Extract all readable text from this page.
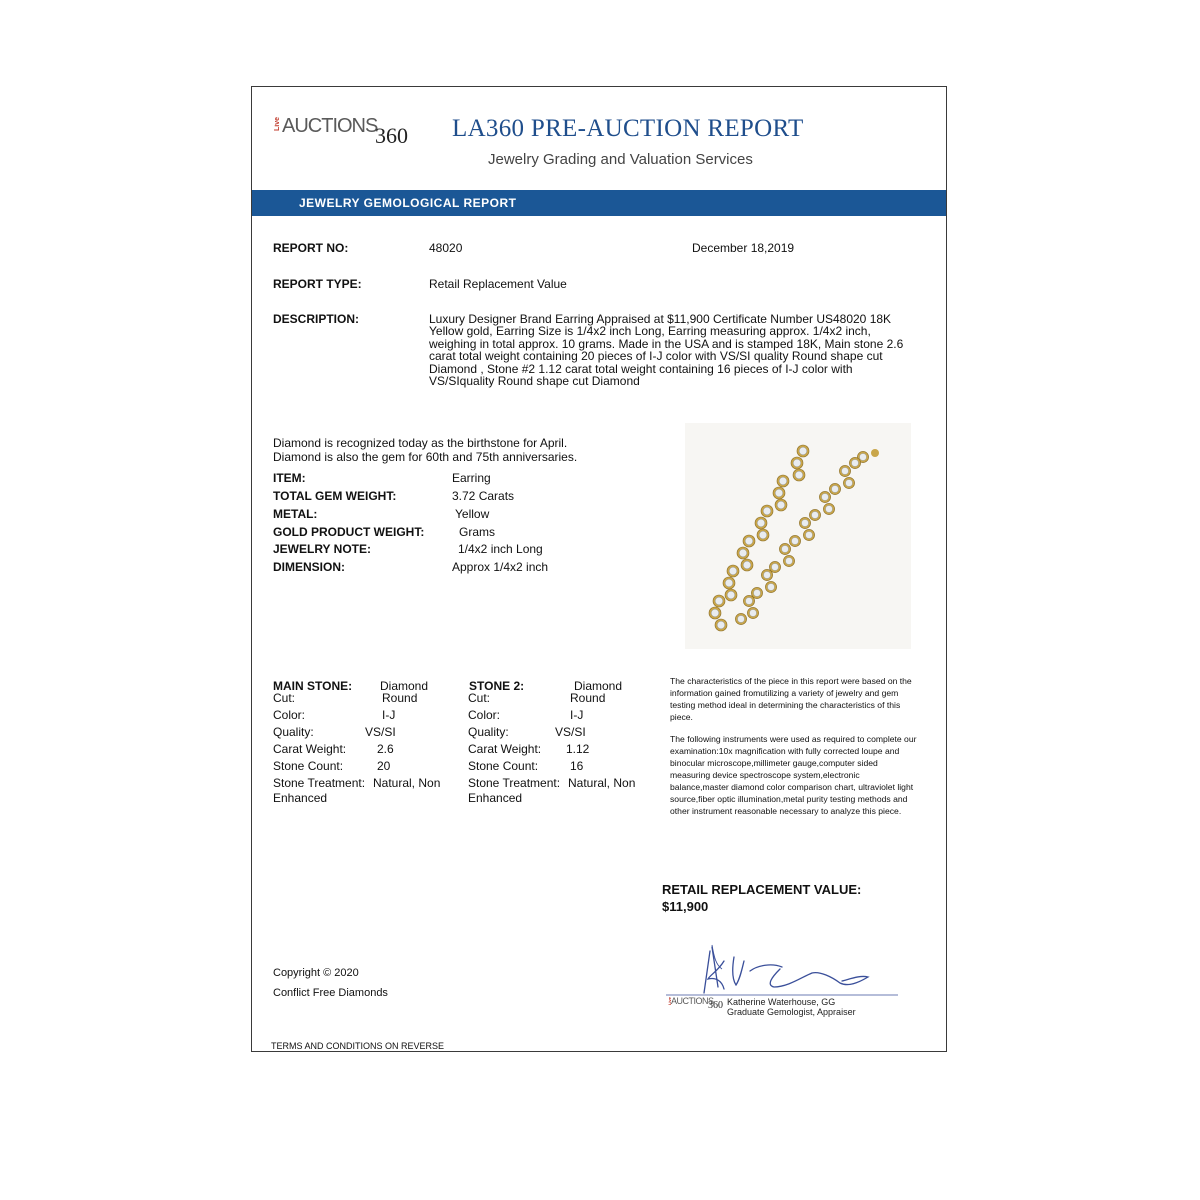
Live AUCTIONS
360 LA360 PRE-AUCTION REPORT
Jewelry Grading and Valuation Services
JEWELRY GEMOLOGICAL REPORT
REPORT NO:	48020	December 18,2019
REPORT TYPE:	Retail Replacement Value
DESCRIPTION:	Luxury Designer Brand Earring Appraised at $11,900 Certificate Number US48020 18K Yellow gold, Earring Size is 1/4x2 inch Long, Earring measuring approx. 1/4x2 inch, weighing in total approx. 10 grams. Made in the USA and is stamped 18K, Main stone 2.6 carat total weight containing 20 pieces of I-J color with VS/SI quality Round shape cut Diamond , Stone #2 1.12 carat total weight containing 16 pieces of I-J color with VS/SIquality Round shape cut Diamond
Diamond is recognized today as the birthstone for April.
Diamond is also the gem for 60th and 75th anniversaries.
ITEM:	Earring
TOTAL GEM WEIGHT:	3.72 Carats
METAL:	Yellow
GOLD PRODUCT WEIGHT:	Grams
JEWELRY NOTE:	1/4x2 inch Long
DIMENSION:	Approx 1/4x2 inch
MAIN STONE: Diamond
Cut:	Round
Color:	I-J
Quality:	VS/SI
Carat Weight:	2.6
Stone Count:	20
Stone Treatment: Natural, Non
Enhanced
STONE 2:	Diamond
Cut:	Round
Color:	I-J
Quality:	VS/SI
Carat Weight: 1.12
Stone Count:	16
Stone Treatment: Natural, Non
Enhanced

The characteristics of the piece in this report were based on the information gained fromutilizing a variety of jewelry and gem testing method ideal in determining the characteristics of this piece.

The following instruments were used as required to complete our examination:10x magnification with fully corrected loupe and binocular microscope,millimeter gauge,computer sided measuring device spectroscope system,electronic balance,master diamond color comparison chart, ultraviolet light source,fiber optic illumination,metal purity testing methods and other instrument reasonable necessary to analyze this piece.

RETAIL REPLACEMENT VALUE:
$11,900
Live AUCTIONS
360 Katherine Waterhouse, GG
Graduate Gemologist, Appraiser
Copyright © 2020
Conflict Free Diamonds
TERMS AND CONDITIONS ON REVERSE
